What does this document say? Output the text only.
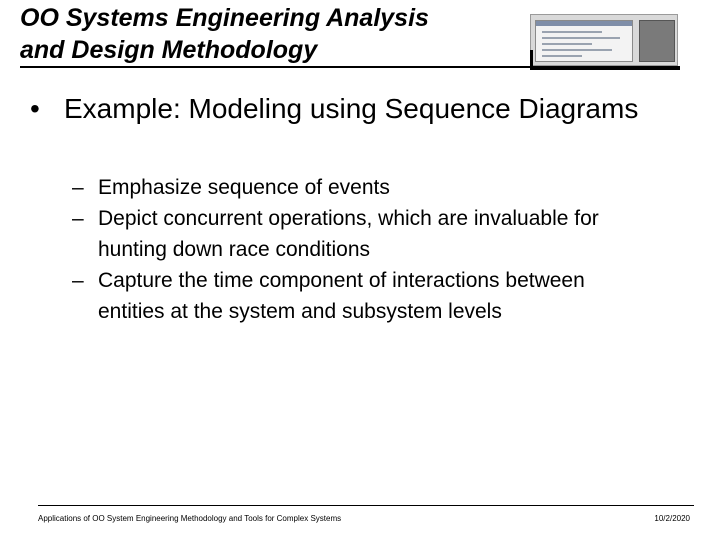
OO Systems Engineering Analysis
and Design Methodology
• Example: Modeling using Sequence Diagrams
– Emphasize sequence of events
– Depict concurrent operations, which are invaluable for hunting down race conditions
– Capture the time component of interactions between entities at the system and subsystem levels
Applications of OO System Engineering Methodology and Tools for Complex Systems	10/2/2020
